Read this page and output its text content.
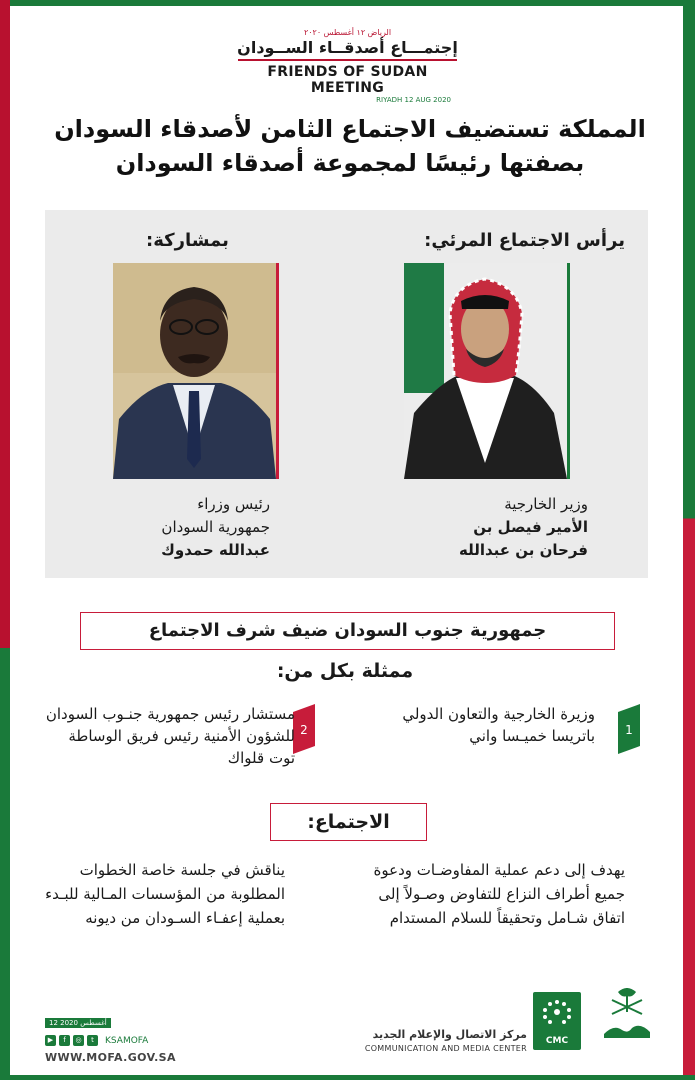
الرياض ١٢ أغسطس ٢٠٢٠
إجتمـــاع أصدقــاء الســودان
FRIENDS OF SUDAN MEETING
RIYADH 12 AUG 2020
المملكة تستضيف الاجتماع الثامن لأصدقاء السودان
بصفتها رئيسًا لمجموعة أصدقاء السودان
يرأس الاجتماع المرئي:
بمشاركة:
وزير الخارجية
الأمير فيصل بن
فرحان بن عبدالله
رئيس وزراء
جمهورية السودان
عبدالله حمدوك
جمهورية جنوب السودان ضيف شرف الاجتماع
ممثلة بكل من:
1
وزيرة الخارجية والتعاون الدولي باتريسا خميـسا واني
2
مستشار رئيس جمهورية جنـوب السودان للشؤون الأمنية رئيس فريق الوساطة توت قلواك
الاجتماع:
يهدف إلى دعم عملية المفاوضـات ودعوة جميع أطراف النزاع للتفاوض وصـولاً إلى اتفاق شـامل وتحقيقاً للسلام المستدام
يناقش في جلسة خاصة الخطوات المطلوبة من المؤسسات المـالية للبـدء بعملية إعفـاء السـودان من ديونه
12 أغسطس 2020
▶	f	◎	t	KSAMOFA
WWW.MOFA.GOV.SA
مركز الاتصال والإعلام الجديد
COMMUNICATION AND MEDIA CENTER
CMC
